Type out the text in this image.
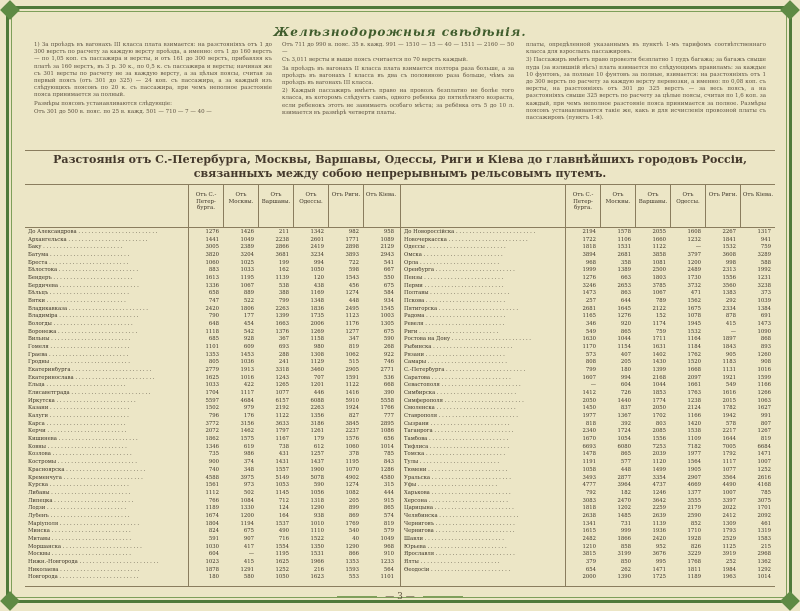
Желѣзнодорожныя свѣдѣнія.

1) За проѣздъ въ вагонахъ III класса плата взимается: на разстояніяхъ отъ 1 до 300 верстъ по расчету за каждую версту проѣзда, а именно: отъ 1 до 160 верстъ — по 1,05 коп. съ пассажира и версты, и отъ 161 до 300 верстъ, прибавляя къ платѣ за 160 верстъ, въ 3 р. 30 к., по 0,5 к. съ пассажира и версты; начиная же съ 301 версты по расчету не за каждую версту, а за цѣлыя поясы, считая за первый поясъ (отъ 301 до 325) — 24 коп. съ пассажира, а за каждый изъ слѣдующихъ поясовъ по 20 к. съ пассажира, при чемъ неполное разстояніе пояса принимается за полный.

Размѣры поясовъ устанавливаются слѣдующіе:

Отъ 301 до 500 в. пояс. по 25 в. кажд. 501 — 710 — 7 — 40 —

Отъ 711 до 990 в. пояс. 35 в. кажд. 991 — 1510 — 15 — 40 — 1511 — 2160 — 50 —

Съ 3,011 версты и выше поясъ считается по 70 верстъ каждый.

За проѣздъ въ вагонахъ II класса плата взимается полтора раза больше, а за проѣздъ въ вагонахъ I класса въ два съ половиною раза больше, чѣмъ за проѣздъ въ вагонахъ III класса.

2) Каждый пассажиръ имѣетъ право на провозъ безплатно не болѣе того класса, въ которомъ слѣдуетъ самъ, одного ребенка до пятилѣтняго возраста, если ребенокъ этотъ не занимаетъ особаго мѣста; за ребёнка отъ 5 до 10 л. взимается въ размѣрѣ четверти платы.

платы, опредѣленной указаннымъ въ пунктѣ 1-мъ тарифомъ соотвѣтственнаго класса для взрослыхъ пассажировъ.

3) Пассажиръ имѣетъ право провезти безплатно 1 пудъ багажа; за багажъ свыше пуда (за излишній вѣсъ) плата взимается по слѣдующимъ правиламъ: за каждые 10 фунтовъ, за полные 10 фунтовъ за полные, взимается: на разстояніяхъ отъ 1 до 300 верстъ по расчету за каждую версту перевозки, а именно: по 0,08 коп. съ версты, на разстояніяхъ отъ 301 до 325 верстъ — за весь поясъ, а на разстояніяхъ свыше 325 верстъ по расчету за цѣлые поясы, считая по 1,6 коп. за каждый, при чемъ неполное разстояніе пояса принимается за полное. Размѣры поясовъ устанавливаются такіе же, какъ и для исчисленія провозной платы съ пассажировъ (пунктъ 1-й).

Разстоянія отъ С.-Петербурга, Москвы, Варшавы, Одессы, Риги и Кіева до главнѣйшихъ городовъ Россіи, связанныхъ между собою непрерывнымъ рельсовымъ путемъ.
Отъ С.-Петер-бурга.
Отъ Москвы.
Отъ Варшавы.
Отъ Одессы.
Отъ Риги.	Отъ Кіева.
До Александрова . . . . . . . . . . . . . . . . . . . . . . . .
Архангельска . . . . . . . . . . . . . . . . . . . . . . . .
Баку . . . . . . . . . . . . . . . . . . . . . . . .
Батума . . . . . . . . . . . . . . . . . . . . . . . .
Бреста . . . . . . . . . . . . . . . . . . . . . . . .
Бѣлостока . . . . . . . . . . . . . . . . . . . . . . . .
Бендеръ . . . . . . . . . . . . . . . . . . . . . . . .
Бердичева . . . . . . . . . . . . . . . . . . . . . . . .
Бѣльцъ . . . . . . . . . . . . . . . . . . . . . . . .
Вятки . . . . . . . . . . . . . . . . . . . . . . . .
Владикавказа . . . . . . . . . . . . . . . . . . . . . . . .
Владиміра . . . . . . . . . . . . . . . . . . . . . . . .
Вологды . . . . . . . . . . . . . . . . . . . . . . . .
Воронежа . . . . . . . . . . . . . . . . . . . . . . . .
Вильны . . . . . . . . . . . . . . . . . . . . . . . .
Гомеля . . . . . . . . . . . . . . . . . . . . . . . .
Граева . . . . . . . . . . . . . . . . . . . . . . . .
Гродны . . . . . . . . . . . . . . . . . . . . . . . .
Екатеринбурга . . . . . . . . . . . . . . . . . . . . . . . .
Екатеринослава . . . . . . . . . . . . . . . . . . . . . . . .
Ельца . . . . . . . . . . . . . . . . . . . . . . . .
Елисаветграда . . . . . . . . . . . . . . . . . . . . . . . .
Иркутска . . . . . . . . . . . . . . . . . . . . . . . .
Казани . . . . . . . . . . . . . . . . . . . . . . . .
Калуги . . . . . . . . . . . . . . . . . . . . . . . .
Карса . . . . . . . . . . . . . . . . . . . . . . . .
Керчи . . . . . . . . . . . . . . . . . . . . . . . .
Кишинева . . . . . . . . . . . . . . . . . . . . . . . .
Ковны . . . . . . . . . . . . . . . . . . . . . . . .
Козлова . . . . . . . . . . . . . . . . . . . . . . . .
Костромы . . . . . . . . . . . . . . . . . . . . . . . .
Красноярска . . . . . . . . . . . . . . . . . . . . . . . .
Кременчуга . . . . . . . . . . . . . . . . . . . . . . . .
Курска . . . . . . . . . . . . . . . . . . . . . . . .
Либавы . . . . . . . . . . . . . . . . . . . . . . . .
Липецка . . . . . . . . . . . . . . . . . . . . . . . .
Лодзи . . . . . . . . . . . . . . . . . . . . . . . .
Лубенъ . . . . . . . . . . . . . . . . . . . . . . . .
Маріуполя . . . . . . . . . . . . . . . . . . . . . . . .
Минска . . . . . . . . . . . . . . . . . . . . . . . .
Митавы . . . . . . . . . . . . . . . . . . . . . . . .
Моршанска . . . . . . . . . . . . . . . . . . . . . . . .
Москвы . . . . . . . . . . . . . . . . . . . . . . . .
Нижн.-Новгорода . . . . . . . . . . . . . . . . . . . . . . . .
Николаева . . . . . . . . . . . . . . . . . . . . . . . .
Новгорода . . . . . . . . . . . . . . . . . . . . . . . .
1276
1441
3005
3820
1060
883
1613
1336
658
747
2420
790
648
1118
685
1101
1353
805
2779
1625
1033
1704
5597
1502
796
3772
2072
1862
1346
735
900
740
4588
1561
1112
766
1189
1674
1804
824
591
1030
604
1023
1878
180
1426
1049
2389
3204
1025
1033
1195
1067
889
522
1806
177
454
542
928
609
1453
1036
1913
1016
422
1117
4684
979
176
3156
1462
1575
619
986
374
348
3975
973
502
1084
1330
1200
1194
675
907
417
—
415
1291
580
211
2238
2866
3681
199
162
1139
538
388
799
2263
1399
1663
1376
367
693
288
241
3318
1243
1265
1077
6157
2192
1122
3633
1797
1167
738
431
1431
1557
5149
1053
1145
712
124
164
1537
490
716
1554
1195
1625
1252
1050
1342
2601
2419
3234
994
1050
120
438
1169
1348
1836
1735
2006
1269
1158
980
1308
1129
3460
707
1201
446
6088
2263
1356
3186
1261
179
612
1257
1437
1900
5078
590
1056
1318
1290
938
1010
1110
1522
1350
1531
1966
216
1623
982
1771
2898
3893
722
598
1543
456
1274
448
2495
1123
1176
1277
347
819
1062
515
2905
1591
1122
1416
5910
1924
827
3845
2237
1576
1060
378
1195
1070
4902
1274
1082
205
899
869
1769
540
40
1290
866
1353
1593
553
958
1089
2129
2943
541
667
550
675
584
934
1545
1003
1305
675
590
268
922
746
2771
536
668
390
5558
1766
777
2895
1086
656
1014
785
843
1286
4580
315
444
915
865
574
819
579
1049
968
910
1233
564
1101
Отъ С.-Петер-бурга.
Отъ Москвы.
Отъ Варшавы.
Отъ Одессы.
Отъ Риги.	Отъ Кіева.
До Новороссійска . . . . . . . . . . . . . . . . . . . . . . . .
Новочеркасска . . . . . . . . . . . . . . . . . . . . . . . .
Одессы . . . . . . . . . . . . . . . . . . . . . . . .
Омска . . . . . . . . . . . . . . . . . . . . . . . .
Орла . . . . . . . . . . . . . . . . . . . . . . . .
Оренбурга . . . . . . . . . . . . . . . . . . . . . . . .
Пензы . . . . . . . . . . . . . . . . . . . . . . . .
Перми . . . . . . . . . . . . . . . . . . . . . . . .
Полтавы . . . . . . . . . . . . . . . . . . . . . . . .
Пскова . . . . . . . . . . . . . . . . . . . . . . . .
Пятигорска . . . . . . . . . . . . . . . . . . . . . . . .
Радома . . . . . . . . . . . . . . . . . . . . . . . .
Ревеля . . . . . . . . . . . . . . . . . . . . . . . .
Риги . . . . . . . . . . . . . . . . . . . . . . . .
Ростова на Дону . . . . . . . . . . . . . . . . . . . . . . . .
Рыбинска . . . . . . . . . . . . . . . . . . . . . . . .
Рязани . . . . . . . . . . . . . . . . . . . . . . . .
Самары . . . . . . . . . . . . . . . . . . . . . . . .
С.-Петербурга . . . . . . . . . . . . . . . . . . . . . . . .
Саратова . . . . . . . . . . . . . . . . . . . . . . . .
Севастополя . . . . . . . . . . . . . . . . . . . . . . . .
Симбирска . . . . . . . . . . . . . . . . . . . . . . . .
Симферополя . . . . . . . . . . . . . . . . . . . . . . . .
Смоленска . . . . . . . . . . . . . . . . . . . . . . . .
Ставрополя . . . . . . . . . . . . . . . . . . . . . . . .
Сызрани . . . . . . . . . . . . . . . . . . . . . . . .
Таганрога . . . . . . . . . . . . . . . . . . . . . . . .
Тамбова . . . . . . . . . . . . . . . . . . . . . . . .
Тифлиса . . . . . . . . . . . . . . . . . . . . . . . .
Томска . . . . . . . . . . . . . . . . . . . . . . . .
Тулы . . . . . . . . . . . . . . . . . . . . . . . .
Тюмени . . . . . . . . . . . . . . . . . . . . . . . .
Уральска . . . . . . . . . . . . . . . . . . . . . . . .
Уфы . . . . . . . . . . . . . . . . . . . . . . . .
Харькова . . . . . . . . . . . . . . . . . . . . . . . .
Херсона . . . . . . . . . . . . . . . . . . . . . . . .
Царицына . . . . . . . . . . . . . . . . . . . . . . . .
Челябинска . . . . . . . . . . . . . . . . . . . . . . . .
Черниговъ . . . . . . . . . . . . . . . . . . . . . . . .
Чернигова . . . . . . . . . . . . . . . . . . . . . . . .
Шавли . . . . . . . . . . . . . . . . . . . . . . . .
Юрьева . . . . . . . . . . . . . . . . . . . . . . . .
Ярославля . . . . . . . . . . . . . . . . . . . . . . . .
Ялты . . . . . . . . . . . . . . . . . . . . . . . .
Ѳеодосіи . . . . . . . . . . . . . . . . . . . . . . . .
2194
1722
1818
3894
968
1999
1276
3246
1473
257
2681
1165
346
549
1630
1170
573
808
799
1607
—
1412
2050
1450
1977
818
2340
1670
6693
1478
1191
1058
3493
4777
792
3083
1818
2638
1341
1615
2482
1210
3815
379
654
2000
1578
1106
1531
2681
358
1389
663
2653
863
644
1645
1276
920
865
1044
1154
407
205
180
994
604
726
1440
837
1367
392
1724
1054
6080
865
577
448
2877
3964
182
2470
1202
1485
731
999
1866
858
3199
850
262
1390
2055
1660
1122
3858
1081
2500
1803
3785
1067
789
2122
152
1174
759
1711
1631
1402
1430
1399
2168
1044
1853
1774
2050
1702
803
2085
1556
7253
2039
1120
1499
3354
4737
1246
3642
2259
2639
1139
1936
2420
952
3676
995
1471
1725
1608
1232
—
3797
1200
2489
1730
3732
471
1562
1675
1078
1945
1532
1164
1184
1762
1520
1668
2097
1661
1763
1238
2124
1166
1420
1538
1109
7182
1977
1564
1905
2907
4669
1377
3555
2179
2590
852
1710
1928
826
3229
1768
1811
1189
2267
1841
1532
3608
998
2313
1556
3560
1383
292
2334
878
415
—
1897
1843
905
1183
1131
1921
549
1616
2015
1782
1942
578
2217
1644
7005
1792
1117
1077
3564
4490
1007
3397
2022
2412
1309
1793
2529
1125
3919
252
1984
1963
1317
941
759
3289
588
1992
1231
3238
373
1039
1384
691
1473
1090
868
893
1260
908
1016
1599
1166
1266
1063
1627
991
807
1267
819
6684
1471
1007
1252
2616
4168
785
3075
1701
2092
461
1319
1583
215
2968
1362
1292
1014
— 3 —
